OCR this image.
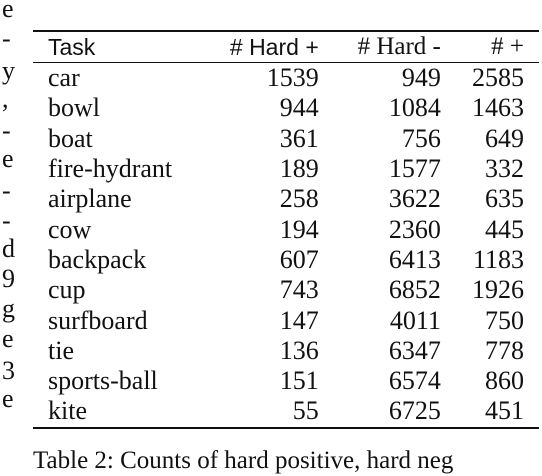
e
-
y
,
-
e
-
-
d
9
g
e
3
e
Task	# Hard +	# Hard -	# +
car	1539	949	2585
bowl	944	1084	1463
boat	361	756	649
fire-hydrant	189	1577	332
airplane	258	3622	635
cow	194	2360	445
backpack	607	6413	1183
cup	743	6852	1926
surfboard	147	4011	750
tie	136	6347	778
sports-ball	151	6574	860
kite	55	6725	451
Table 2: Counts of hard positive, hard neg
